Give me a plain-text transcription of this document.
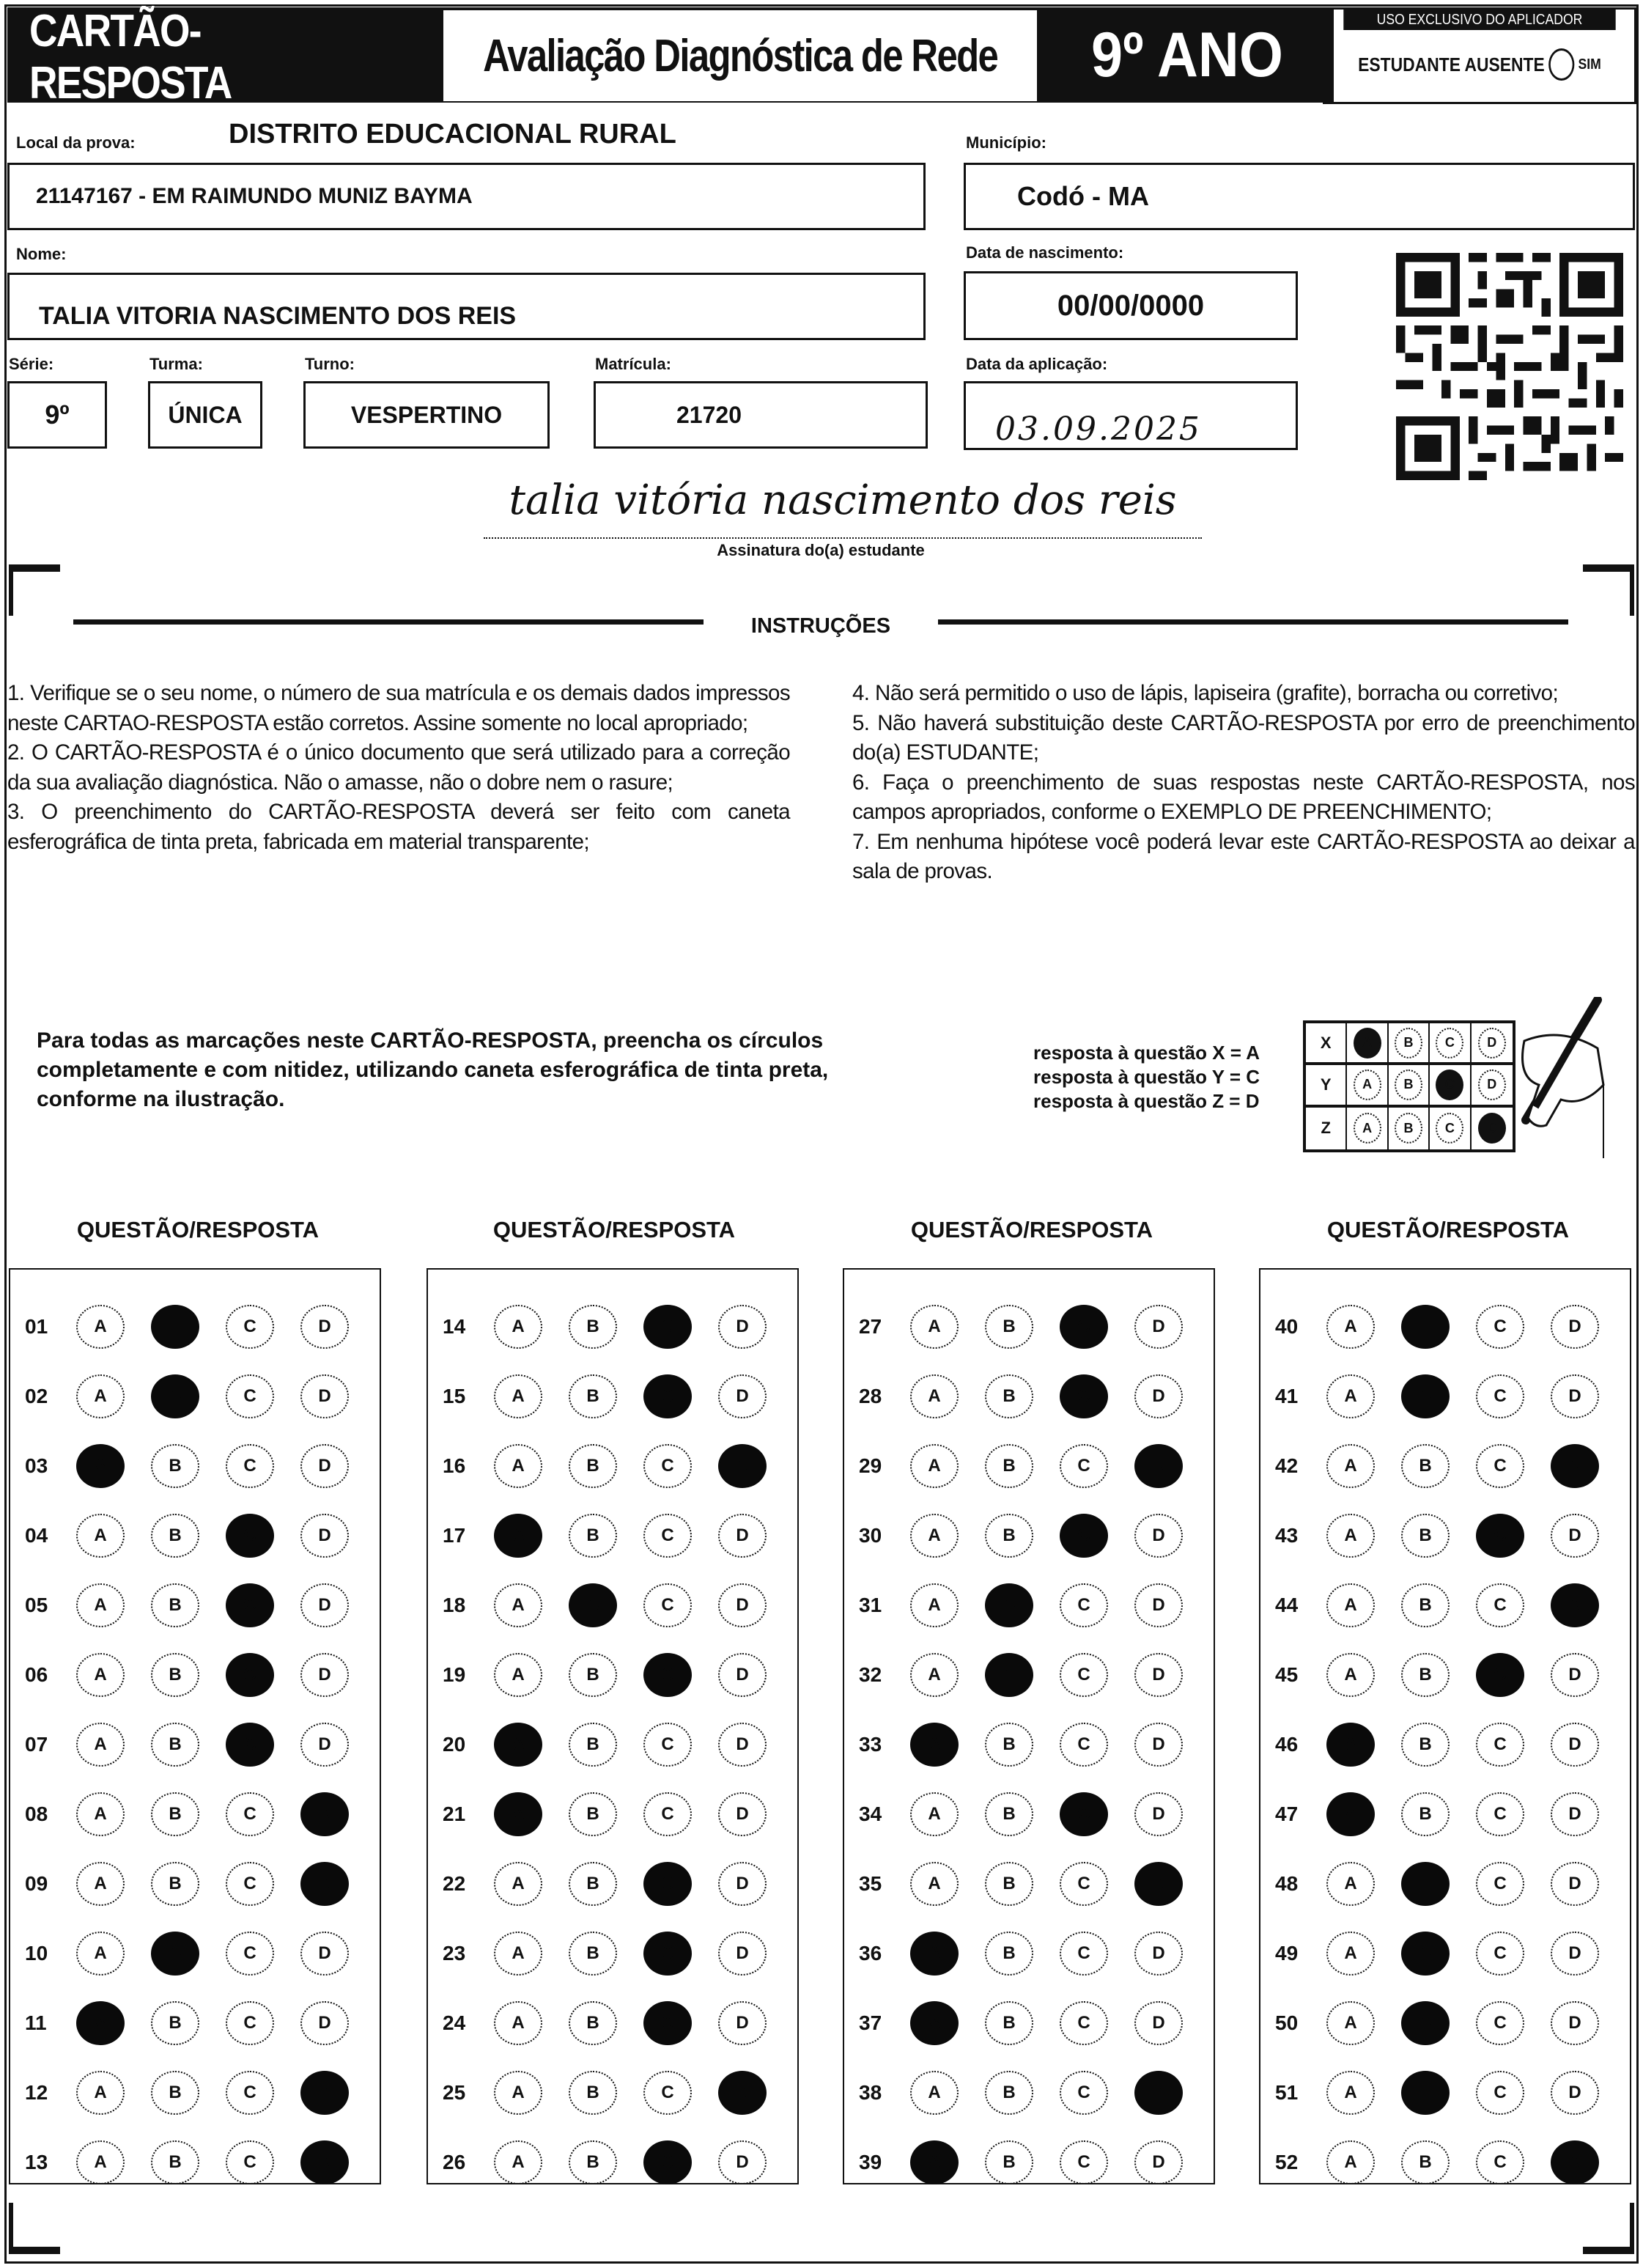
CARTÃO-RESPOSTA
Avaliação Diagnóstica de Rede	9º ANO	USO EXCLUSIVO DO APLICADOR
ESTUDANTE AUSENTE SIM
Local da prova:	DISTRITO EDUCACIONAL RURAL
21147167 - EM RAIMUNDO MUNIZ BAYMA
Município:
Codó - MA
Nome:
TALIA VITORIA NASCIMENTO DOS REIS
Data de nascimento:
00/00/0000
Série:
9º
Turma:
ÚNICA
Turno:
VESPERTINO
Matrícula:
21720
Data da aplicação:
03.09.2025
talia vitória nascimento dos reis
Assinatura do(a) estudante
INSTRUÇÕES

1. Verifique se o seu nome, o número de sua matrícula e os demais dados impressos neste CARTAO-RESPOSTA estão corretos. Assine somente no local apropriado;

2. O CARTÃO-RESPOSTA é o único documento que será utilizado para a correção da sua avaliação diagnóstica. Não o amasse, não o dobre nem o rasure;

3. O preenchimento do CARTÃO-RESPOSTA deverá ser feito com caneta esferográfica de tinta preta, fabricada em material transparente;

4. Não será permitido o uso de lápis, lapiseira (grafite), borracha ou corretivo;

5. Não haverá substituição deste CARTÃO-RESPOSTA por erro de preenchimento do(a) ESTUDANTE;

6. Faça o preenchimento de suas respostas neste CARTÃO-RESPOSTA, nos campos apropriados, conforme o EXEMPLO DE PREENCHIMENTO;

7. Em nenhuma hipótese você poderá levar este CARTÃO-RESPOSTA ao deixar a sala de provas.

Para todas as marcações neste CARTÃO-RESPOSTA, preencha os círculos completamente e com nitidez, utilizando caneta esferográfica de tinta preta, conforme na ilustração.
resposta à questão X = A
resposta à questão Y = C
resposta à questão Z = D
X	A	B	C	D
Y	A	B	C	D
Z	A	B	C	D
QUESTÃO/RESPOSTA	QUESTÃO/RESPOSTA	QUESTÃO/RESPOSTA	QUESTÃO/RESPOSTA
01	A	B	C	D
02	A	B	C	D
03	A	B	C	D
04	A	B	C	D
05	A	B	C	D
06	A	B	C	D
07	A	B	C	D
08	A	B	C	D
09	A	B	C	D
10	A	B	C	D
11	A	B	C	D
12	A	B	C	D
13	A	B	C	D
14	A	B	C	D
15	A	B	C	D
16	A	B	C	D
17	A	B	C	D
18	A	B	C	D
19	A	B	C	D
20	A	B	C	D
21	A	B	C	D
22	A	B	C	D
23	A	B	C	D
24	A	B	C	D
25	A	B	C	D
26	A	B	C	D
27	A	B	C	D
28	A	B	C	D
29	A	B	C	D
30	A	B	C	D
31	A	B	C	D
32	A	B	C	D
33	A	B	C	D
34	A	B	C	D
35	A	B	C	D
36	A	B	C	D
37	A	B	C	D
38	A	B	C	D
39	A	B	C	D
40	A	B	C	D
41	A	B	C	D
42	A	B	C	D
43	A	B	C	D
44	A	B	C	D
45	A	B	C	D
46	A	B	C	D
47	A	B	C	D
48	A	B	C	D
49	A	B	C	D
50	A	B	C	D
51	A	B	C	D
52	A	B	C	D
